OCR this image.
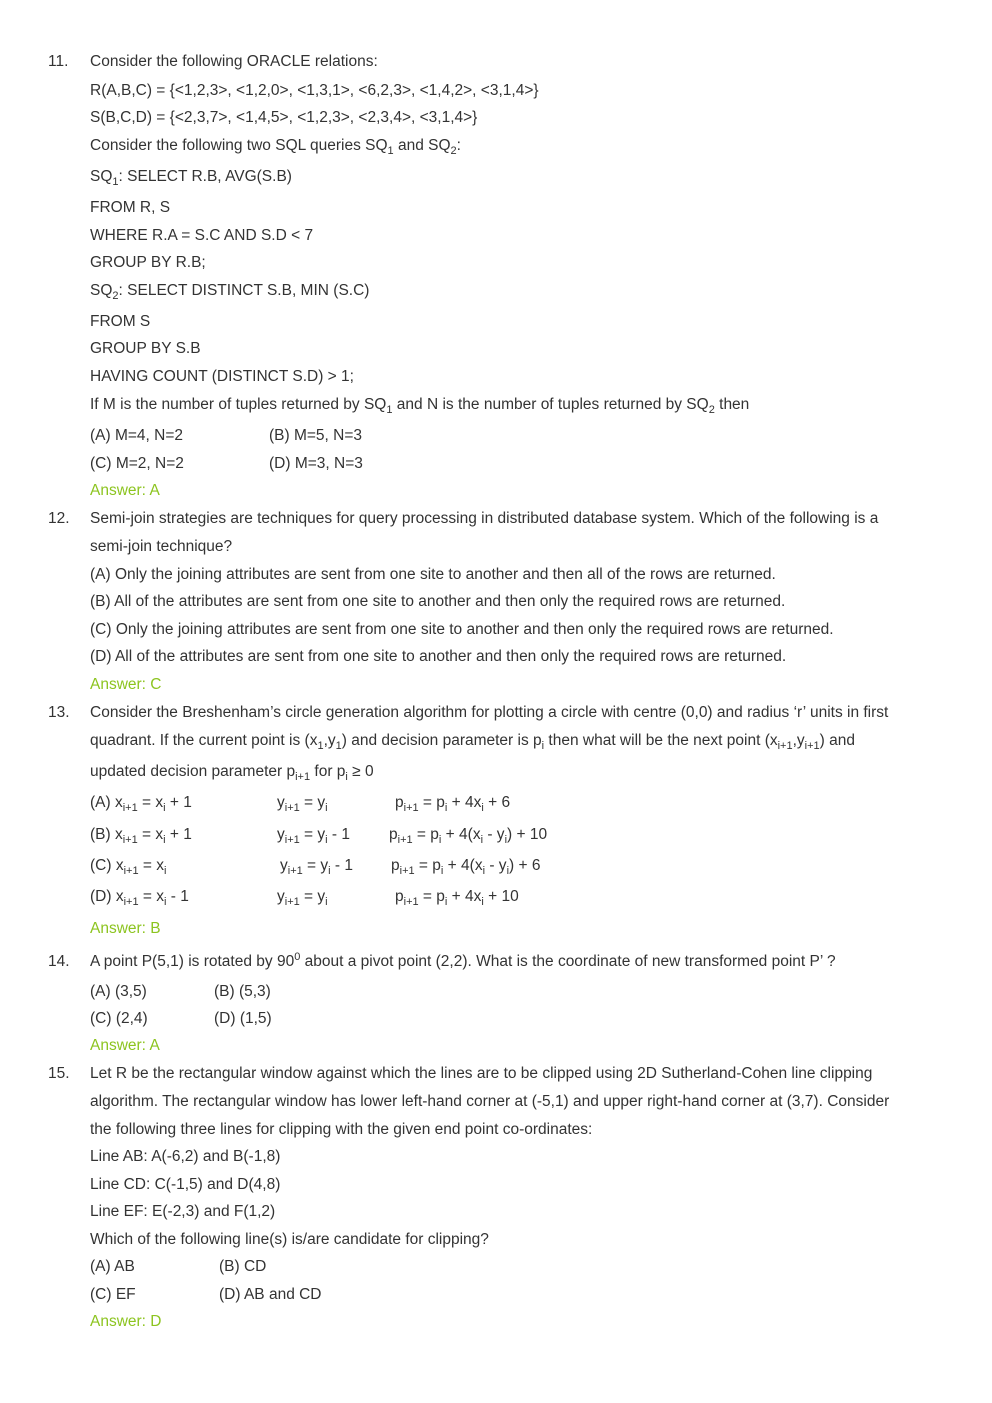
11. Consider the following ORACLE relations:
R(A,B,C) = {<1,2,3>, <1,2,0>, <1,3,1>, <6,2,3>, <1,4,2>, <3,1,4>}
S(B,C,D) = {<2,3,7>, <1,4,5>, <1,2,3>, <2,3,4>, <3,1,4>}
Consider the following two SQL queries $SQ_1$ and $SQ_2$:
$SQ_1$: SELECT R.B, AVG(S.B)
FROM R, S
WHERE R.A = S.C AND S.D < 7
GROUP BY R.B;
$SQ_2$: SELECT DISTINCT S.B, MIN (S.C)
FROM S
GROUP BY S.B
HAVING COUNT (DISTINCT S.D) > 1;
If M is the number of tuples returned by $SQ_1$ and N is the number of tuples returned by $SQ_2$ then
(A) M=4, N=2	(B) M=5, N=3
(C) M=2, N=2	(D) M=3, N=3
Answer: A
12. Semi-join strategies are techniques for query processing in distributed database system. Which of the following is a
semi-join technique?
(A) Only the joining attributes are sent from one site to another and then all of the rows are returned.
(B) All of the attributes are sent from one site to another and then only the required rows are returned.
(C) Only the joining attributes are sent from one site to another and then only the required rows are returned.
(D) All of the attributes are sent from one site to another and then only the required rows are returned.
Answer: C
13. Consider the Breshenham’s circle generation algorithm for plotting a circle with centre (0,0) and radius ‘r’ units in first
quadrant. If the current point is $(x_1,y_1)$ and decision parameter is $p_i$ then what will be the next point $(x_{i+1},y_{i+1})$ and
updated decision parameter $p_{i+1}$ for $p_i \ge 0$
(A) $x_{i+1} = x_i + 1$	$y_{i+1} = y_i$	$p_{i+1} = p_i + 4x_i + 6$
(B) $x_{i+1} = x_i + 1$	$y_{i+1} = y_i - 1$	$p_{i+1} = p_i + 4(x_i - y_i) + 10$
(C) $x_{i+1} = x_i$	$y_{i+1} = y_i - 1$ $p_{i+1} = p_i + 4(x_i - y_i) + 6$
(D) $x_{i+1} = x_i - 1$	$y_{i+1} = y_i$	$p_{i+1} = p_i + 4x_i + 10$
Answer: B
14. A point P(5,1) is rotated by $90^0$ about a pivot point (2,2). What is the coordinate of new transformed point P’ ?
(A) (3,5)	(B) (5,3)
(C) (2,4)	(D) (1,5)
Answer: A
15. Let R be the rectangular window against which the lines are to be clipped using 2D Sutherland-Cohen line clipping
algorithm. The rectangular window has lower left-hand corner at (-5,1) and upper right-hand corner at (3,7). Consider
the following three lines for clipping with the given end point co-ordinates:
Line AB: A(-6,2) and B(-1,8)
Line CD: C(-1,5) and D(4,8)
Line EF: E(-2,3) and F(1,2)
Which of the following line(s) is/are candidate for clipping?
(A) AB	(B) CD
(C) EF	(D) AB and CD
Answer: D
